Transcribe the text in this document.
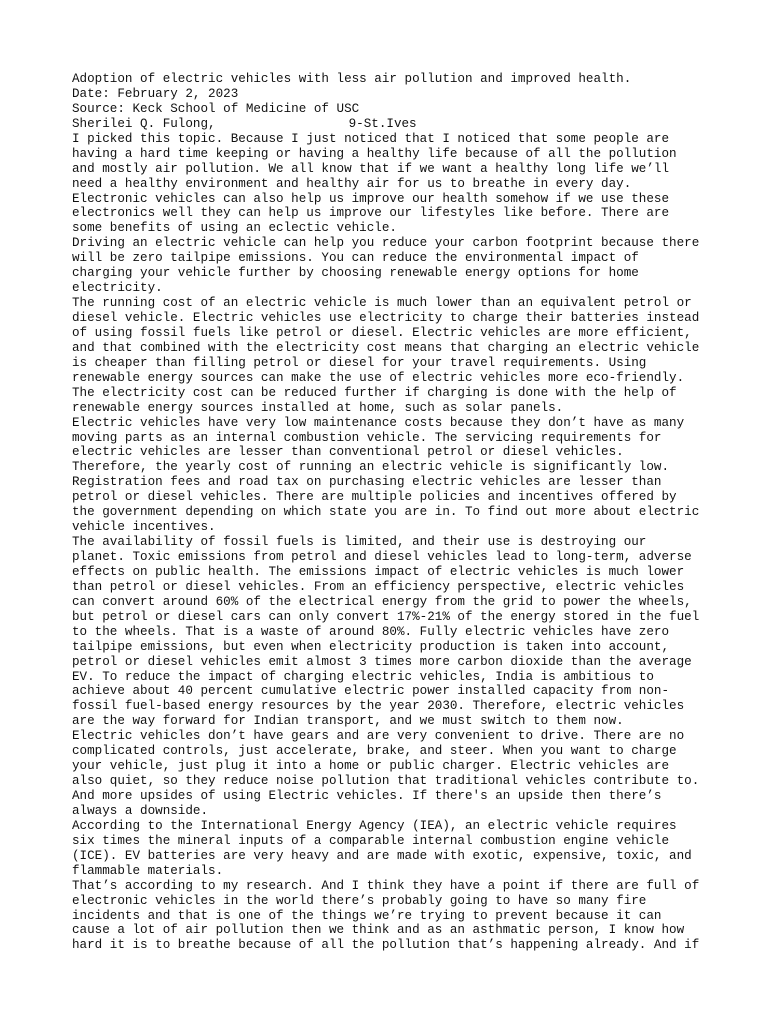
Adoption of electric vehicles with less air pollution and improved health.
Date: February 2, 2023
Source: Keck School of Medicine of USC
Sherilei Q. Fulong,	9-St.Ives
I picked this topic. Because I just noticed that I noticed that some people are
having a hard time keeping or having a healthy life because of all the pollution
and mostly air pollution. We all know that if we want a healthy long life we’ll
need a healthy environment and healthy air for us to breathe in every day.
Electronic vehicles can also help us improve our health somehow if we use these
electronics well they can help us improve our lifestyles like before. There are
some benefits of using an eclectic vehicle.
Driving an electric vehicle can help you reduce your carbon footprint because there
will be zero tailpipe emissions. You can reduce the environmental impact of
charging your vehicle further by choosing renewable energy options for home
electricity.
The running cost of an electric vehicle is much lower than an equivalent petrol or
diesel vehicle. Electric vehicles use electricity to charge their batteries instead
of using fossil fuels like petrol or diesel. Electric vehicles are more efficient,
and that combined with the electricity cost means that charging an electric vehicle
is cheaper than filling petrol or diesel for your travel requirements. Using
renewable energy sources can make the use of electric vehicles more eco-friendly.
The electricity cost can be reduced further if charging is done with the help of
renewable energy sources installed at home, such as solar panels.
Electric vehicles have very low maintenance costs because they don’t have as many
moving parts as an internal combustion vehicle. The servicing requirements for
electric vehicles are lesser than conventional petrol or diesel vehicles.
Therefore, the yearly cost of running an electric vehicle is significantly low.
Registration fees and road tax on purchasing electric vehicles are lesser than
petrol or diesel vehicles. There are multiple policies and incentives offered by
the government depending on which state you are in. To find out more about electric
vehicle incentives.
The availability of fossil fuels is limited, and their use is destroying our
planet. Toxic emissions from petrol and diesel vehicles lead to long-term, adverse
effects on public health. The emissions impact of electric vehicles is much lower
than petrol or diesel vehicles. From an efficiency perspective, electric vehicles
can convert around 60% of the electrical energy from the grid to power the wheels,
but petrol or diesel cars can only convert 17%-21% of the energy stored in the fuel
to the wheels. That is a waste of around 80%. Fully electric vehicles have zero
tailpipe emissions, but even when electricity production is taken into account,
petrol or diesel vehicles emit almost 3 times more carbon dioxide than the average
EV. To reduce the impact of charging electric vehicles, India is ambitious to
achieve about 40 percent cumulative electric power installed capacity from non-
fossil fuel-based energy resources by the year 2030. Therefore, electric vehicles
are the way forward for Indian transport, and we must switch to them now.
Electric vehicles don’t have gears and are very convenient to drive. There are no
complicated controls, just accelerate, brake, and steer. When you want to charge
your vehicle, just plug it into a home or public charger. Electric vehicles are
also quiet, so they reduce noise pollution that traditional vehicles contribute to.
And more upsides of using Electric vehicles. If there's an upside then there’s
always a downside.
According to the International Energy Agency (IEA), an electric vehicle requires
six times the mineral inputs of a comparable internal combustion engine vehicle
(ICE). EV batteries are very heavy and are made with exotic, expensive, toxic, and
flammable materials.
That’s according to my research. And I think they have a point if there are full of
electronic vehicles in the world there’s probably going to have so many fire
incidents and that is one of the things we’re trying to prevent because it can
cause a lot of air pollution then we think and as an asthmatic person, I know how
hard it is to breathe because of all the pollution that’s happening already. And if
